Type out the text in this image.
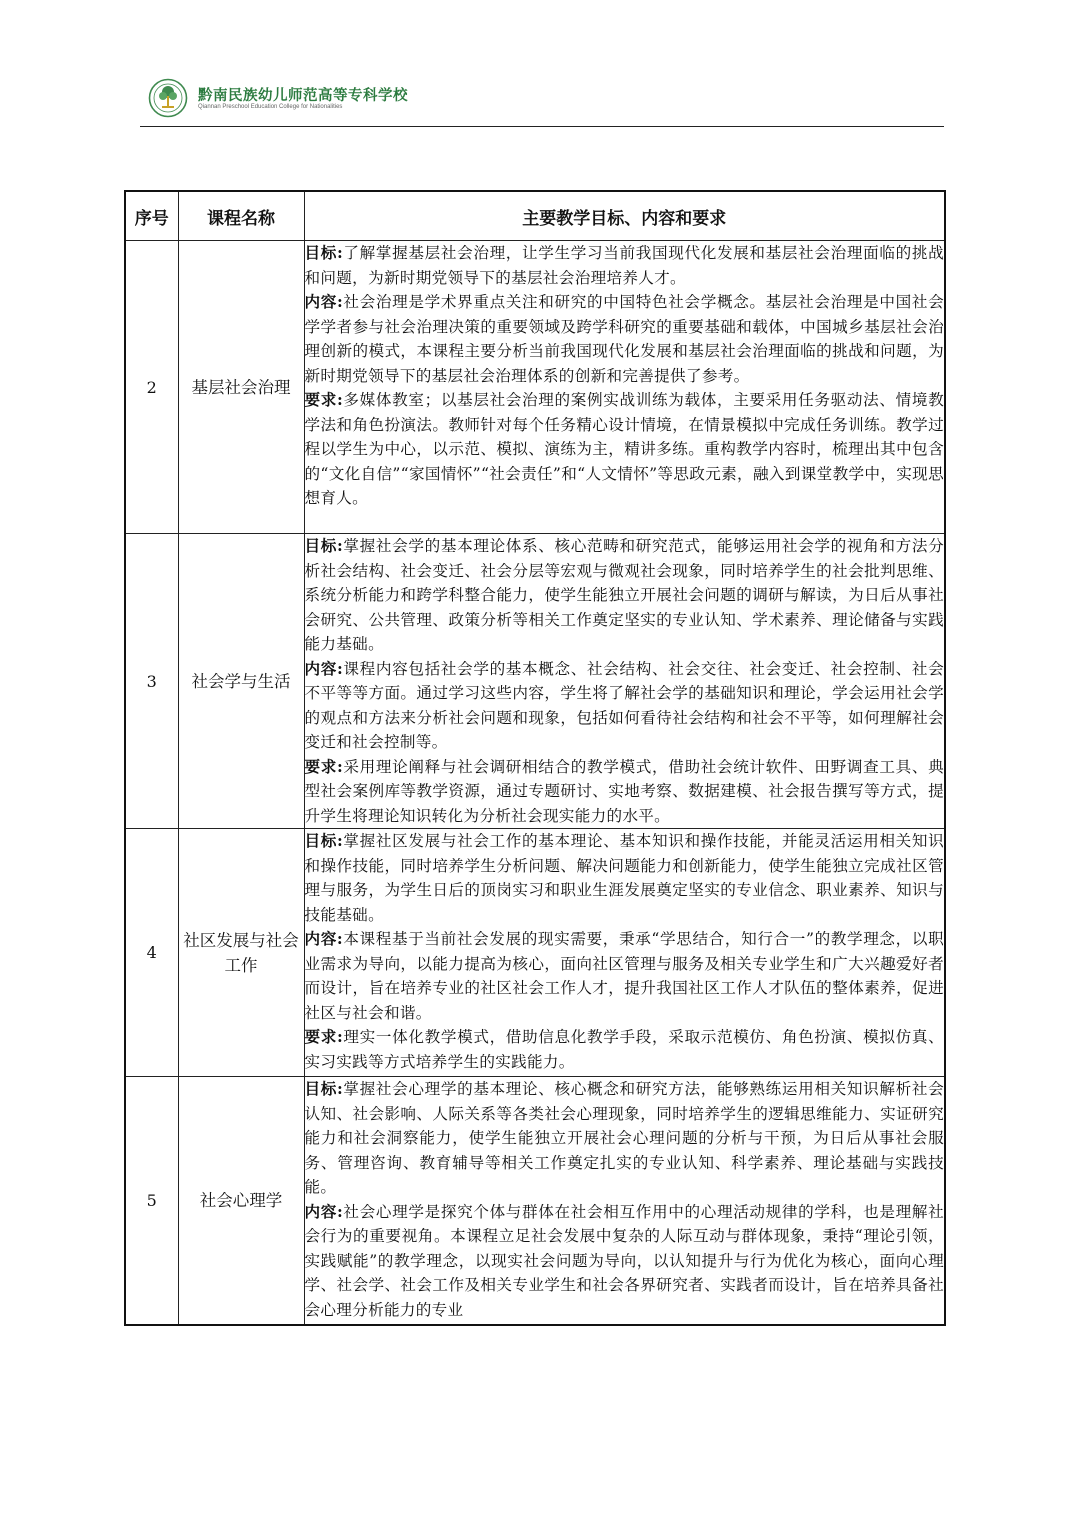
黔南民族幼儿师范高等专科学校
Qiannan Preschool Education College for Nationalities
序号	课程名称	主要教学目标、内容和要求
2	基层社会治理	目标:了解掌握基层社会治理，让学生学习当前我国现代化发展和基层社会治理面临的挑战和问题，为新时期党领导下的基层社会治理培养人才。

内容:社会治理是学术界重点关注和研究的中国特色社会学概念。基层社会治理是中国社会学学者参与社会治理决策的重要领域及跨学科研究的重要基础和载体，中国城乡基层社会治理创新的模式，本课程主要分析当前我国现代化发展和基层社会治理面临的挑战和问题，为新时期党领导下的基层社会治理体系的创新和完善提供了参考。

要求:多媒体教室；以基层社会治理的案例实战训练为载体，主要采用任务驱动法、情境教学法和角色扮演法。教师针对每个任务精心设计情境，在情景模拟中完成任务训练。教学过程以学生为中心，以示范、模拟、演练为主，精讲多练。重构教学内容时，梳理出其中包含的“文化自信”“家国情怀”“社会责任”和“人文情怀”等思政元素，融入到课堂教学中，实现思想育人。

3	社会学与生活	目标:掌握社会学的基本理论体系、核心范畴和研究范式，能够运用社会学的视角和方法分析社会结构、社会变迁、社会分层等宏观与微观社会现象，同时培养学生的社会批判思维、系统分析能力和跨学科整合能力，使学生能独立开展社会问题的调研与解读，为日后从事社会研究、公共管理、政策分析等相关工作奠定坚实的专业认知、学术素养、理论储备与实践能力基础。

内容:课程内容包括社会学的基本概念、社会结构、社会交往、社会变迁、社会控制、社会不平等等方面。通过学习这些内容，学生将了解社会学的基础知识和理论，学会运用社会学的观点和方法来分析社会问题和现象，包括如何看待社会结构和社会不平等，如何理解社会变迁和社会控制等。

要求:采用理论阐释与社会调研相结合的教学模式，借助社会统计软件、田野调查工具、典型社会案例库等教学资源，通过专题研讨、实地考察、数据建模、社会报告撰写等方式，提升学生将理论知识转化为分析社会现实能力的水平。

4	社区发展与社会工作	目标:掌握社区发展与社会工作的基本理论、基本知识和操作技能，并能灵活运用相关知识和操作技能，同时培养学生分析问题、解决问题能力和创新能力，使学生能独立完成社区管理与服务，为学生日后的顶岗实习和职业生涯发展奠定坚实的专业信念、职业素养、知识与技能基础。

内容:本课程基于当前社会发展的现实需要，秉承“学思结合，知行合一”的教学理念，以职业需求为导向，以能力提高为核心，面向社区管理与服务及相关专业学生和广大兴趣爱好者而设计，旨在培养专业的社区社会工作人才，提升我国社区工作人才队伍的整体素养，促进社区与社会和谐。

要求:理实一体化教学模式，借助信息化教学手段，采取示范模仿、角色扮演、模拟仿真、实习实践等方式培养学生的实践能力。

5	社会心理学	目标:掌握社会心理学的基本理论、核心概念和研究方法，能够熟练运用相关知识解析社会认知、社会影响、人际关系等各类社会心理现象，同时培养学生的逻辑思维能力、实证研究能力和社会洞察能力，使学生能独立开展社会心理问题的分析与干预，为日后从事社会服务、管理咨询、教育辅导等相关工作奠定扎实的专业认知、科学素养、理论基础与实践技能。

内容:社会心理学是探究个体与群体在社会相互作用中的心理活动规律的学科，也是理解社会行为的重要视角。本课程立足社会发展中复杂的人际互动与群体现象，秉持“理论引领，实践赋能”的教学理念，以现实社会问题为导向，以认知提升与行为优化为核心，面向心理学、社会学、社会工作及相关专业学生和社会各界研究者、实践者而设计，旨在培养具备社会心理分析能力的专业
